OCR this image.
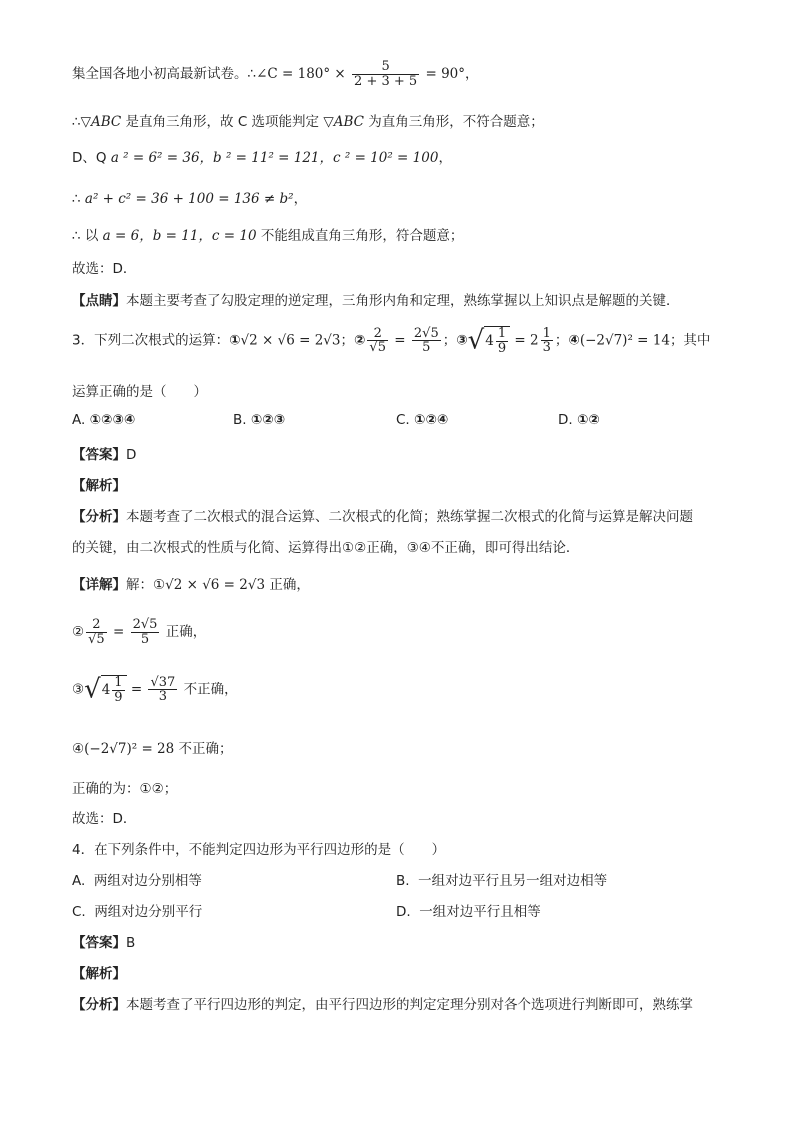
集全国各地小初高最新试卷。∴∠C = $180^\circ \times \frac{5}{2 + 3 + 5} = 90^\circ$，
∴▽ABC 是直角三角形，故 C 选项能判定 ▽ABC 为直角三角形，不符合题意；
D、Q a ² = 6² = 36，b ² = 11² = 121，c ² = 10² = 100，
∴ a² + c² = 36 + 100 = 136 ≠ b²，
∴ 以 a = 6，b = 11，c = 10 不能组成直角三角形，符合题意；
故选：D．
【点睛】本题主要考查了勾股定理的逆定理，三角形内角和定理，熟练掌握以上知识点是解题的关键．
3．下列二次根式的运算：①√2 × √6 = 2√3；② $\frac{2}{√5} = \frac{2√5}{5}$ ；③√4 $\frac{1}{9} = 2 \frac{1}{3}$ ；④(−2√7)² = 14；其中
运算正确的是（　　）
A. ①②③④	B. ①②③	C. ①②④	D. ①②
【答案】D
【解析】
【分析】本题考查了二次根式的混合运算、二次根式的化简；熟练掌握二次根式的化简与运算是解决问题
的关键，由二次根式的性质与化简、运算得出①②正确，③④不正确，即可得出结论．
【详解】解：①√2 × √6 = 2√3 正确，
② $\frac{2}{√5} = \frac{2√5}{5}$ 正确，
③√4 $\frac{1}{9} = \frac{√37}{3}$ 不正确，
④(−2√7)² = 28 不正确；
正确的为：①②；
故选：D．
4．在下列条件中，不能判定四边形为平行四边形的是（　　）
A. 两组对边分别相等	B. 一组对边平行且另一组对边相等
C. 两组对边分别平行	D. 一组对边平行且相等
【答案】B
【解析】
【分析】本题考查了平行四边形的判定，由平行四边形的判定定理分别对各个选项进行判断即可，熟练掌
